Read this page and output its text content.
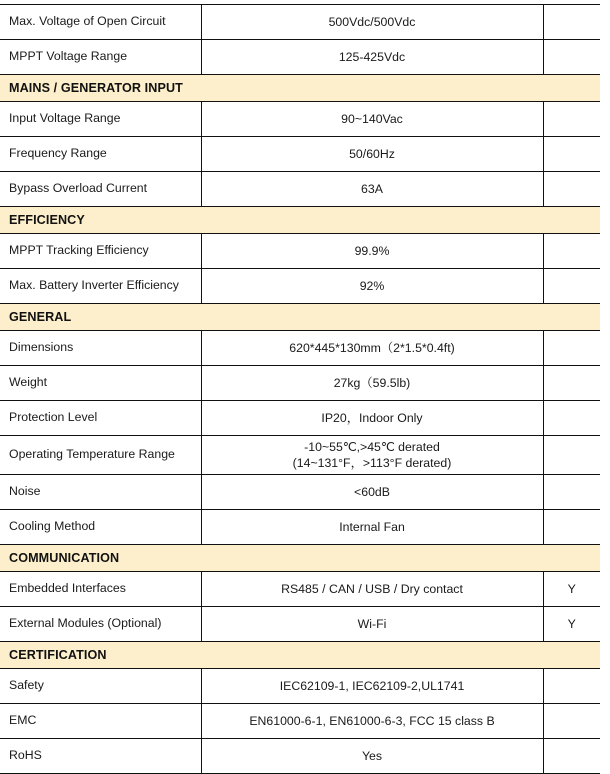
Max. Voltage of Open Circuit	500Vdc/500Vdc	
MPPT Voltage Range	125-425Vdc	
MAINS / GENERATOR INPUT		
Input Voltage Range	90~140Vac	
Frequency Range	50/60Hz	
Bypass Overload Current	63A	
EFFICIENCY		
MPPT Tracking Efficiency	99.9%	
Max. Battery Inverter Efficiency	92%	
GENERAL		
Dimensions	620*445*130mm（2*1.5*0.4ft)	
Weight	27kg（59.5lb)	
Protection Level	IP20，Indoor Only	
Operating Temperature Range	-10~55℃,>45℃ derated
(14~131°F，>113°F derated)	

Noise	<60dB	
Cooling Method	Internal Fan	
COMMUNICATION		
Embedded Interfaces	RS485 / CAN / USB / Dry contact	Y
External Modules (Optional)	Wi-Fi	Y
CERTIFICATION		
Safety	IEC62109-1, IEC62109-2,UL1741	
EMC	EN61000-6-1, EN61000-6-3, FCC 15 class B	
RoHS	Yes	
